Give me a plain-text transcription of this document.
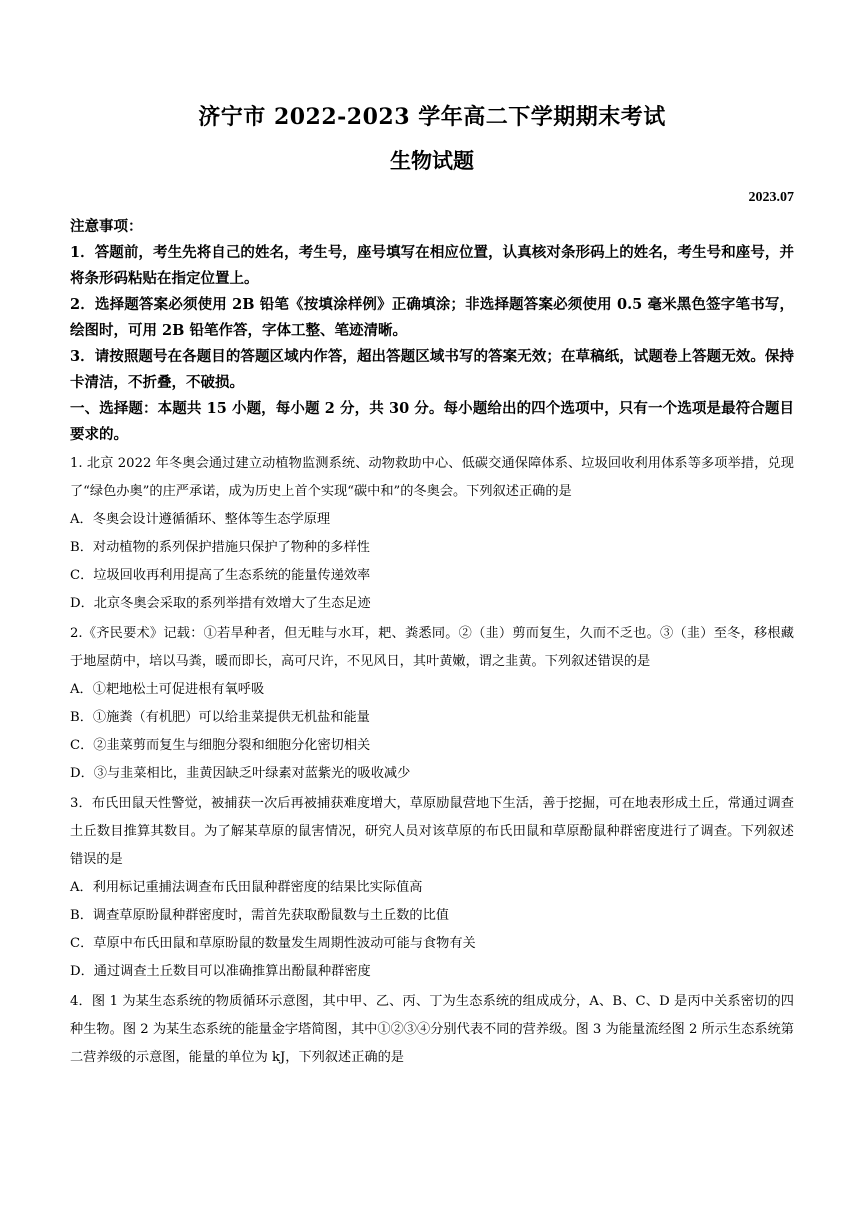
济宁市 2022-2023 学年高二下学期期末考试
生物试题
2023.07
注意事项：

1．答题前，考生先将自己的姓名，考生号，座号填写在相应位置，认真核对条形码上的姓名，考生号和座号，并将条形码粘贴在指定位置上。

2．选择题答案必须使用 2B 铅笔《按填涂样例》正确填涂；非选择题答案必须使用 0.5 毫米黑色签字笔书写，绘图时，可用 2B 铅笔作答，字体工整、笔迹清晰。

3．请按照题号在各题目的答题区域内作答，超出答题区域书写的答案无效；在草稿纸，试题卷上答题无效。保持卡清洁，不折叠，不破损。

一、选择题：本题共 15 小题，每小题 2 分，共 30 分。每小题给出的四个选项中，只有一个选项是最符合题目要求的。

1. 北京 2022 年冬奥会通过建立动植物监测系统、动物救助中心、低碳交通保障体系、垃圾回收利用体系等多项举措，兑现了“绿色办奥”的庄严承诺，成为历史上首个实现“碳中和”的冬奥会。下列叙述正确的是

A．冬奥会设计遵循循环、整体等生态学原理

B．对动植物的系列保护措施只保护了物种的多样性

C．垃圾回收再利用提高了生态系统的能量传递效率

D．北京冬奥会采取的系列举措有效增大了生态足迹

2.《齐民要术》记载：①若旱种者，但无畦与水耳，耙、粪悉同。②（韭）剪而复生，久而不乏也。③（韭）至冬，移根藏于地屋荫中，培以马粪，暖而即长，高可尺许，不见风日，其叶黄嫩，谓之韭黄。下列叙述错误的是

A．①耙地松土可促进根有氧呼吸

B．①施粪（有机肥）可以给韭菜提供无机盐和能量

C．②韭菜剪而复生与细胞分裂和细胞分化密切相关

D．③与韭菜相比，韭黄因缺乏叶绿素对蓝紫光的吸收减少

3．布氏田鼠天性警觉，被捕获一次后再被捕获难度增大，草原励鼠营地下生活，善于挖掘，可在地表形成土丘，常通过调查土丘数目推算其数目。为了解某草原的鼠害情况，研究人员对该草原的布氏田鼠和草原酚鼠种群密度进行了调查。下列叙述错误的是

A．利用标记重捕法调查布氏田鼠种群密度的结果比实际值高

B．调查草原盼鼠种群密度时，需首先获取酚鼠数与土丘数的比值

C．草原中布氏田鼠和草原盼鼠的数量发生周期性波动可能与食物有关

D．通过调查土丘数目可以准确推算出酚鼠种群密度

4．图 1 为某生态系统的物质循环示意图，其中甲、乙、丙、丁为生态系统的组成成分，A、B、C、D 是丙中关系密切的四种生物。图 2 为某生态系统的能量金字塔简图，其中①②③④分别代表不同的营养级。图 3 为能量流经图 2 所示生态系统第二营养级的示意图，能量的单位为 kJ，下列叙述正确的是
